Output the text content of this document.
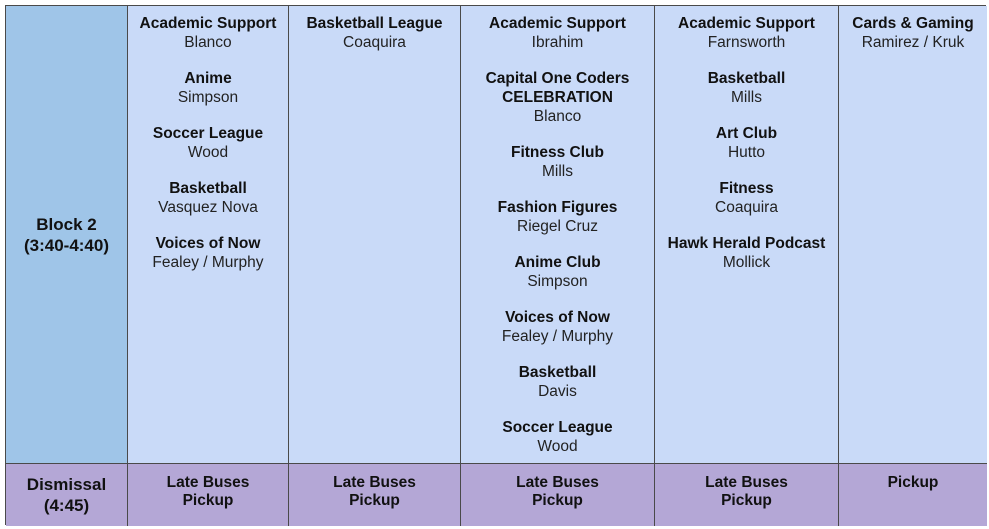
Block 2
(3:40-4:40)
Academic Support
Blanco
Anime
Simpson
Soccer League
Wood
Basketball
Vasquez Nova
Voices of Now
Fealey / Murphy
Basketball League
Coaquira
Academic Support
Ibrahim
Capital One Coders CELEBRATION
Blanco
Fitness Club
Mills
Fashion Figures
Riegel Cruz
Anime Club
Simpson
Voices of Now
Fealey / Murphy
Basketball
Davis
Soccer League
Wood
Academic Support
Farnsworth
Basketball
Mills
Art Club
Hutto
Fitness
Coaquira
Hawk Herald Podcast
Mollick
Cards & Gaming
Ramirez / Kruk
Dismissal
(4:45)
Late Buses
Pickup
Late Buses
Pickup
Late Buses
Pickup
Late Buses
Pickup
Pickup
